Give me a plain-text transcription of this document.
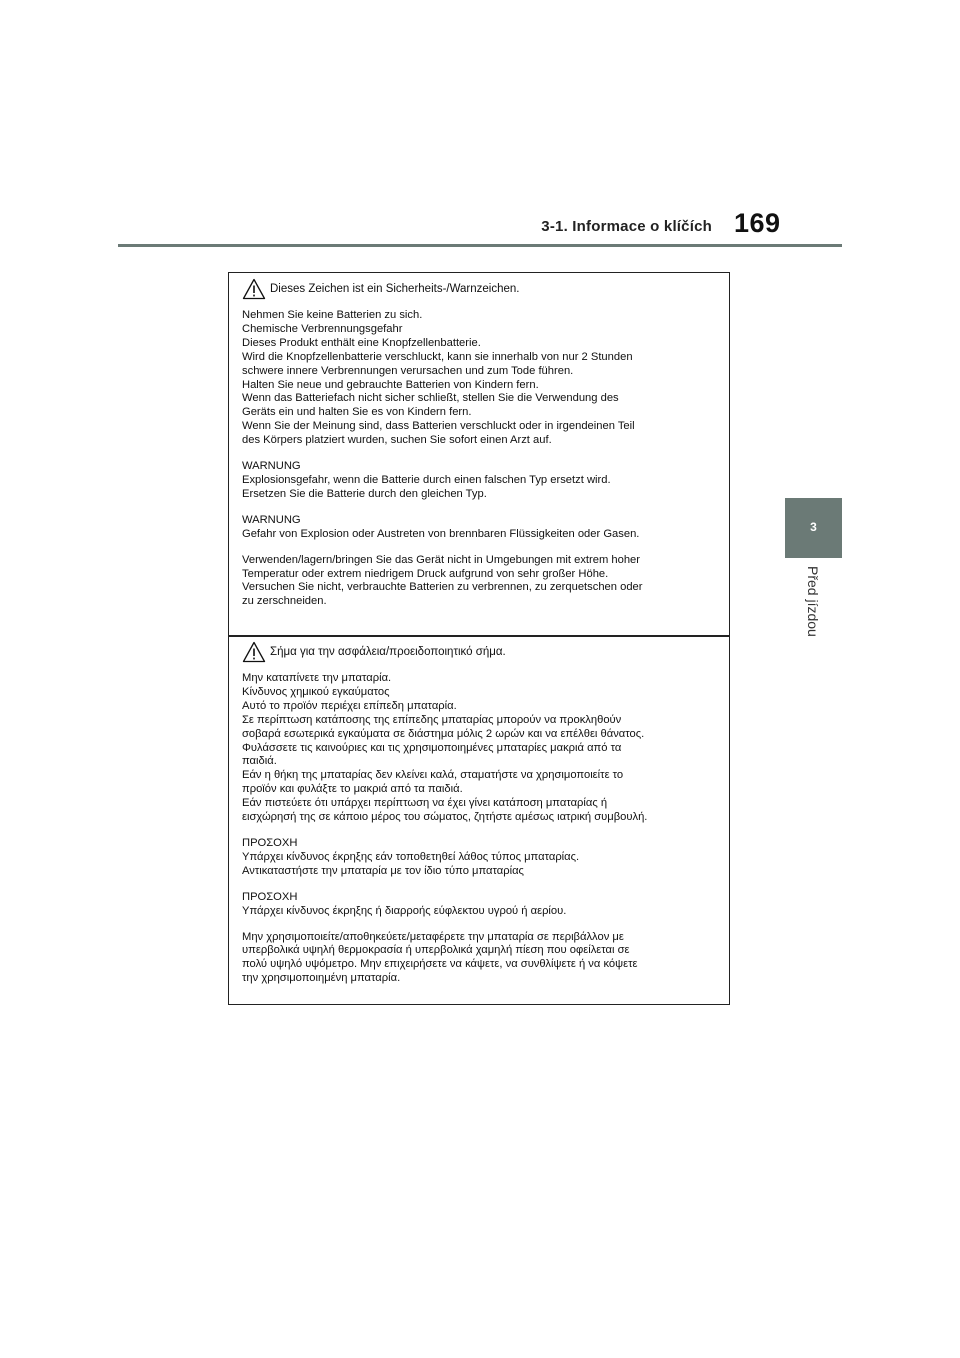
3-1. Informace o klíčích 169
3
Před jízdou
Dieses Zeichen ist ein Sicherheits-/Warnzeichen.
Nehmen Sie keine Batterien zu sich.
Chemische Verbrennungsgefahr
Dieses Produkt enthält eine Knopfzellenbatterie.
Wird die Knopfzellenbatterie verschluckt, kann sie innerhalb von nur 2 Stunden
schwere innere Verbrennungen verursachen und zum Tode führen.
Halten Sie neue und gebrauchte Batterien von Kindern fern.
Wenn das Batteriefach nicht sicher schließt, stellen Sie die Verwendung des
Geräts ein und halten Sie es von Kindern fern.
Wenn Sie der Meinung sind, dass Batterien verschluckt oder in irgendeinen Teil
des Körpers platziert wurden, suchen Sie sofort einen Arzt auf.
WARNUNG
Explosionsgefahr, wenn die Batterie durch einen falschen Typ ersetzt wird.
Ersetzen Sie die Batterie durch den gleichen Typ.
WARNUNG
Gefahr von Explosion oder Austreten von brennbaren Flüssigkeiten oder Gasen.
Verwenden/lagern/bringen Sie das Gerät nicht in Umgebungen mit extrem hoher
Temperatur oder extrem niedrigem Druck aufgrund von sehr großer Höhe.
Versuchen Sie nicht, verbrauchte Batterien zu verbrennen, zu zerquetschen oder
zu zerschneiden.
Σήμα για την ασφάλεια/προειδοποιητικό σήμα.
Μην καταπίνετε την μπαταρία.
Κίνδυνος χημικού εγκαύματος
Αυτό το προϊόν περιέχει επίπεδη μπαταρία.
Σε περίπτωση κατάποσης της επίπεδης μπαταρίας μπορούν να προκληθούν
σοβαρά εσωτερικά εγκαύματα σε διάστημα μόλις 2 ωρών και να επέλθει θάνατος.
Φυλάσσετε τις καινούριες και τις χρησιμοποιημένες μπαταρίες μακριά από τα
παιδιά.
Εάν η θήκη της μπαταρίας δεν κλείνει καλά, σταματήστε να χρησιμοποιείτε το
προϊόν και φυλάξτε το μακριά από τα παιδιά.
Εάν πιστεύετε ότι υπάρχει περίπτωση να έχει γίνει κατάποση μπαταρίας ή
εισχώρησή της σε κάποιο μέρος του σώματος, ζητήστε αμέσως ιατρική συμβουλή.
ΠΡΟΣΟΧΗ
Υπάρχει κίνδυνος έκρηξης εάν τοποθετηθεί λάθος τύπος μπαταρίας.
Αντικαταστήστε την μπαταρία με τον ίδιο τύπο μπαταρίας
ΠΡΟΣΟΧΗ
Υπάρχει κίνδυνος έκρηξης ή διαρροής εύφλεκτου υγρού ή αερίου.
Μην χρησιμοποιείτε/αποθηκεύετε/μεταφέρετε την μπαταρία σε περιβάλλον με
υπερβολικά υψηλή θερμοκρασία ή υπερβολικά χαμηλή πίεση που οφείλεται σε
πολύ υψηλό υψόμετρο. Μην επιχειρήσετε να κάψετε, να συνθλίψετε ή να κόψετε
την χρησιμοποιημένη μπαταρία.
